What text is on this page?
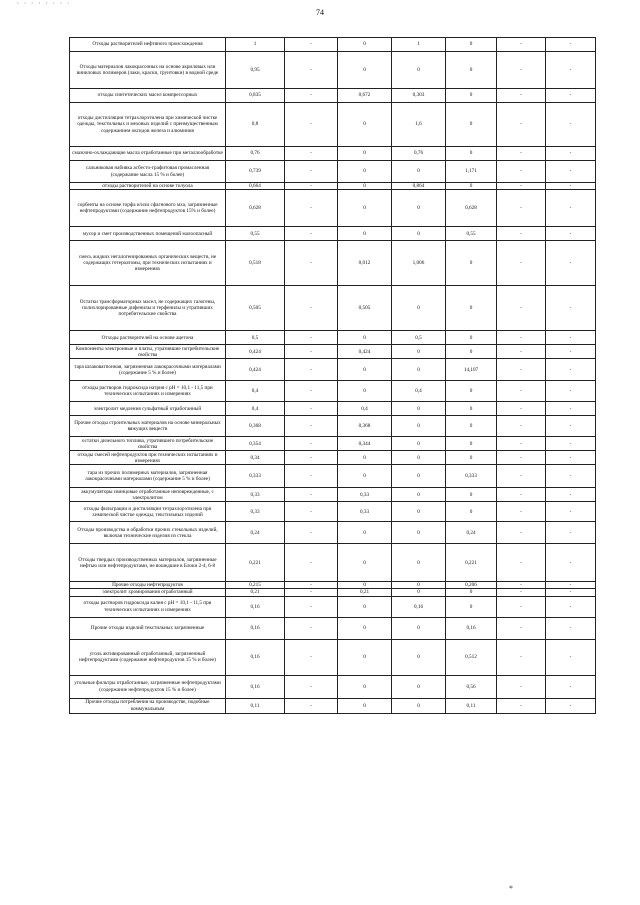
· · · · · · · ·
74
Отходы растворителей нефтяного происхождения	1	-	0	1	0	-	-
Отходы материалов лакокрасочных на основе акриловых или виниловых полимеров (лаки, краски, грунтовки) в водной среде	0,95	-	0	0	0	-	-
отходы синтетических масел компрессорных	0,835	-	0,672	0,303	0	-	-
отходы дистилляции тетрахлорэтилена при химической чистке одежды, текстильных и меховых изделий с преимущественным содержанием оксидов железа и алюминия	0,8	-	0	1,6	0	-	-
смазочно-охлаждающие масла отработанные при металлообработке	0,76	-	0	0,76	0	-	-
сальниковая набивка асбесто-графитовая промасленная (содержание масла 15 % и более)	0,739	-	0	0	1,171	-	-
отходы растворителей на основе толуола	0,664	-	0	0,864	0	-	-
сорбенты на основе торфа и/или сфагнового мха, загрязненные нефтепродуктами (содержание нефтепродуктов 15% и более)	0,628	-	0	0	0,628	-	-
мусор и смет производственных помещений малоопасный	0,55	-	0	0	0,55	-	-
смесь жидких негалогенированных органических веществ, не содержащих гетероатомы, при технических испытаниях и измерениях	0,518	-	0,012	1,006	0	-	-
Остатки трансформаторных масел, не содержащих галогены, полихлорированные дифенилы и терфенилы и утративших потребительские свойства	0,505	-	0,505	0	0	-	-
Отходы растворителей на основе ацетона	0,5	-	0	0,5	0	-	-
Компоненты электронные и платы, утратившие потребительские свойства	0,424	-	0,424	0	0	-	-
тара шлаковатпонная, загрязненная лакокрасочными материалами (содержание 5 % и более)	0,424	-	0	0	14,107	-	-
отходы растворов гидроксида натрия с pH = 10,1 - 11,5 при технических испытаниях и измерениях	0,4	-	0	0,4	0	-	-
электролит медления сульфатный отработанный	0,4	-	0,4	0	0	-	-
Прочие отходы строительных материалов на основе минеральных вяжущих веществ	0,368	-	0,368	0	0	-	-
остатки дизельного топлива, утратившего потребительские свойства	0,354	-	0,344	0	0	-	-
отходы смесей нефтепродуктов при технических испытаниях и измерениях	0,34	-	0	0	0	-	-
тара из прочих полимерных материалов, загрязненная лакокрасочными материалами (содержание 5 % и более)	0,333	-	0	0	0,333	-	-
аккумуляторы свинцовые отработанные неповрежденные, с электролитом	0,33	-	0,33	0	0	-	-
отходы фильтрации и дистилляции тетрахлорэтилена при химической чистке одежды, текстильных изделий	0,33	-	0,33	0	0	-	-
Отходы производства и обработки прочих стекольных изделий, включая технические изделия из стекла	0,24	-	0	0	0,24	-	-
Отходы твердых производственных материалов, загрязненные нефтью или нефтепродуктами, не вошедшие в Блоки 2-4, 6-8	0,221	-	0	0	0,221	-	-
Прочие отходы нефтепродуктов	0,215	-	0	0	0,206	-	-
электролит хромирования отработанный	0,21	-	0,21	0	0	-	-
отходы растворов гидроксида калия с pH = 10,1 - 11,5 при технических испытаниях и измерениях	0,16	-	0	0,16	0	-	-
Прочие отходы изделий текстильных загрязненные	0,16	-	0	0	0,16	-	-
уголь активированный отработанный, загрязненный нефтепродуктами (содержание нефтепродуктов 15 % и более)	0,16	-	0	0	0,512	-	-
угольные фильтры отработанные, загрязненные нефтепродуктами (содержание нефтепродуктов 15 % и более)	0,16	-	0	0	0,56	-	-
Прочие отходы потребления на производстве, подобные коммунальным	0,11	-	0	0	0,11	-	-
*
